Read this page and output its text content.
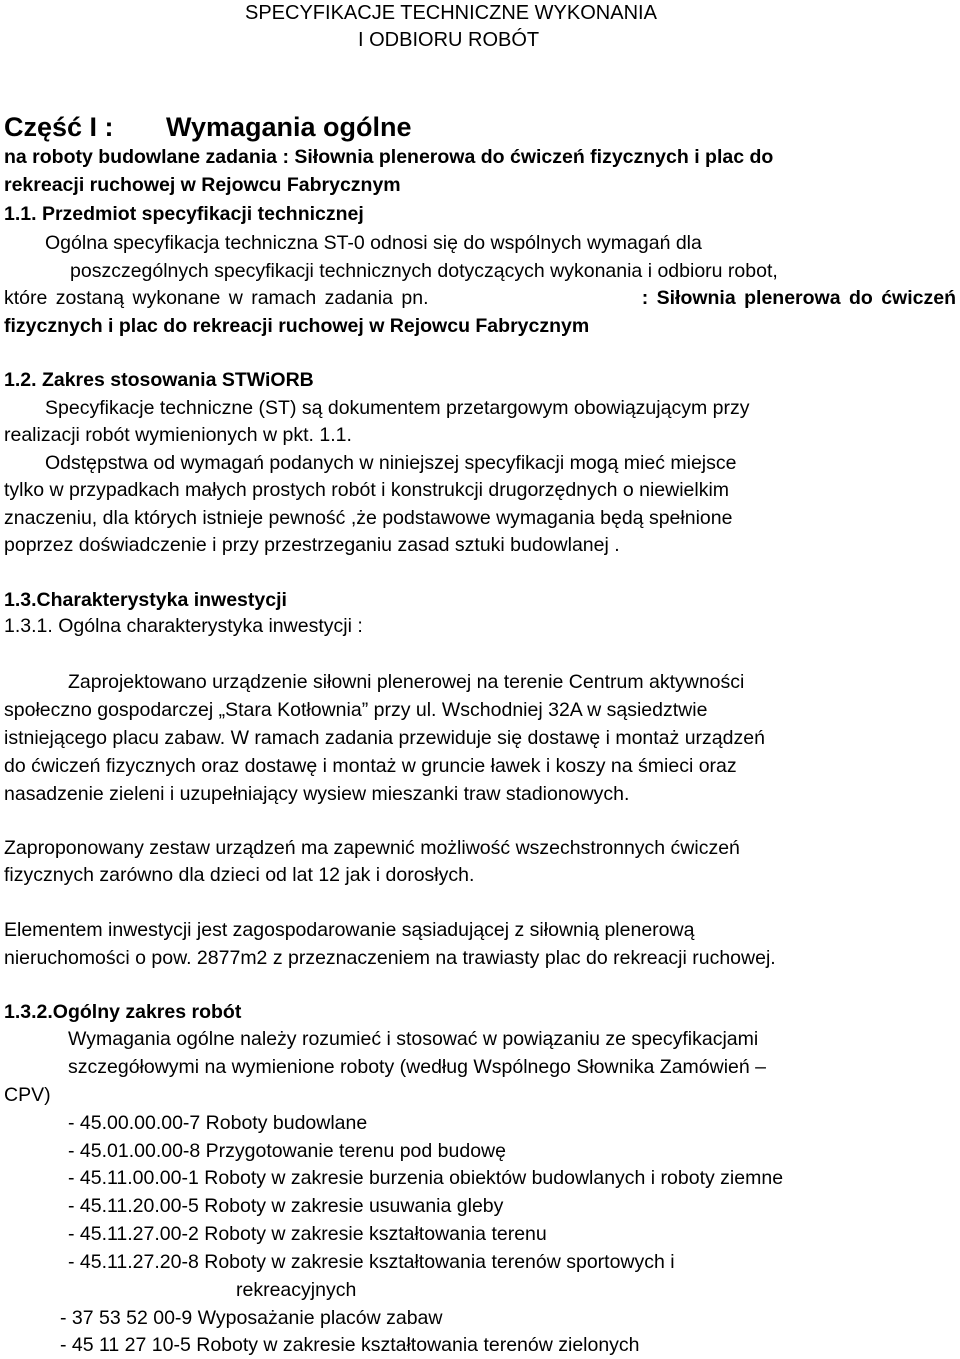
SPECYFIKACJE TECHNICZNE WYKONANIA
I ODBIORU ROBÓT
Część I : Wymagania ogólne
na roboty budowlane zadania : Siłownia plenerowa do ćwiczeń fizycznych i plac do
rekreacji ruchowej w Rejowcu Fabrycznym
1.1. Przedmiot specyfikacji technicznej
Ogólna specyfikacja techniczna ST-0 odnosi się do wspólnych wymagań dla
poszczególnych specyfikacji technicznych dotyczących wykonania i odbioru robot,
które zostaną wykonane w ramach zadania pn.	: Siłownia plenerowa do ćwiczeń
fizycznych i plac do rekreacji ruchowej w Rejowcu Fabrycznym
1.2. Zakres stosowania STWiORB
Specyfikacje techniczne (ST) są dokumentem przetargowym obowiązującym przy
realizacji robót wymienionych w pkt. 1.1.
Odstępstwa od wymagań podanych w niniejszej specyfikacji mogą mieć miejsce
tylko w przypadkach małych prostych robót i konstrukcji drugorzędnych o niewielkim
znaczeniu, dla których istnieje pewność ,że podstawowe wymagania będą spełnione
poprzez doświadczenie i przy przestrzeganiu zasad sztuki budowlanej .
1.3.Charakterystyka inwestycji
1.3.1. Ogólna charakterystyka inwestycji :
Zaprojektowano urządzenie siłowni plenerowej na terenie Centrum aktywności
społeczno gospodarczej „Stara Kotłownia” przy ul. Wschodniej 32A w sąsiedztwie
istniejącego placu zabaw. W ramach zadania przewiduje się dostawę i montaż urządzeń
do ćwiczeń fizycznych oraz dostawę i montaż w gruncie ławek i koszy na śmieci oraz
nasadzenie zieleni i uzupełniający wysiew mieszanki traw stadionowych.
Zaproponowany zestaw urządzeń ma zapewnić możliwość wszechstronnych ćwiczeń
fizycznych zarówno dla dzieci od lat 12 jak i dorosłych.
Elementem inwestycji jest zagospodarowanie sąsiadującej z siłownią plenerową
nieruchomości o pow. 2877m2 z przeznaczeniem na trawiasty plac do rekreacji ruchowej.
1.3.2.Ogólny zakres robót
Wymagania ogólne należy rozumieć i stosować w powiązaniu ze specyfikacjami
szczegółowymi na wymienione roboty (według Wspólnego Słownika Zamówień –
CPV)
- 45.00.00.00-7 Roboty budowlane
- 45.01.00.00-8 Przygotowanie terenu pod budowę
- 45.11.00.00-1 Roboty w zakresie burzenia obiektów budowlanych i roboty ziemne
- 45.11.20.00-5 Roboty w zakresie usuwania gleby
- 45.11.27.00-2 Roboty w zakresie kształtowania terenu
- 45.11.27.20-8 Roboty w zakresie kształtowania terenów sportowych i
rekreacyjnych
- 37 53 52 00-9 Wyposażanie placów zabaw
- 45 11 27 10-5 Roboty w zakresie kształtowania terenów zielonych
